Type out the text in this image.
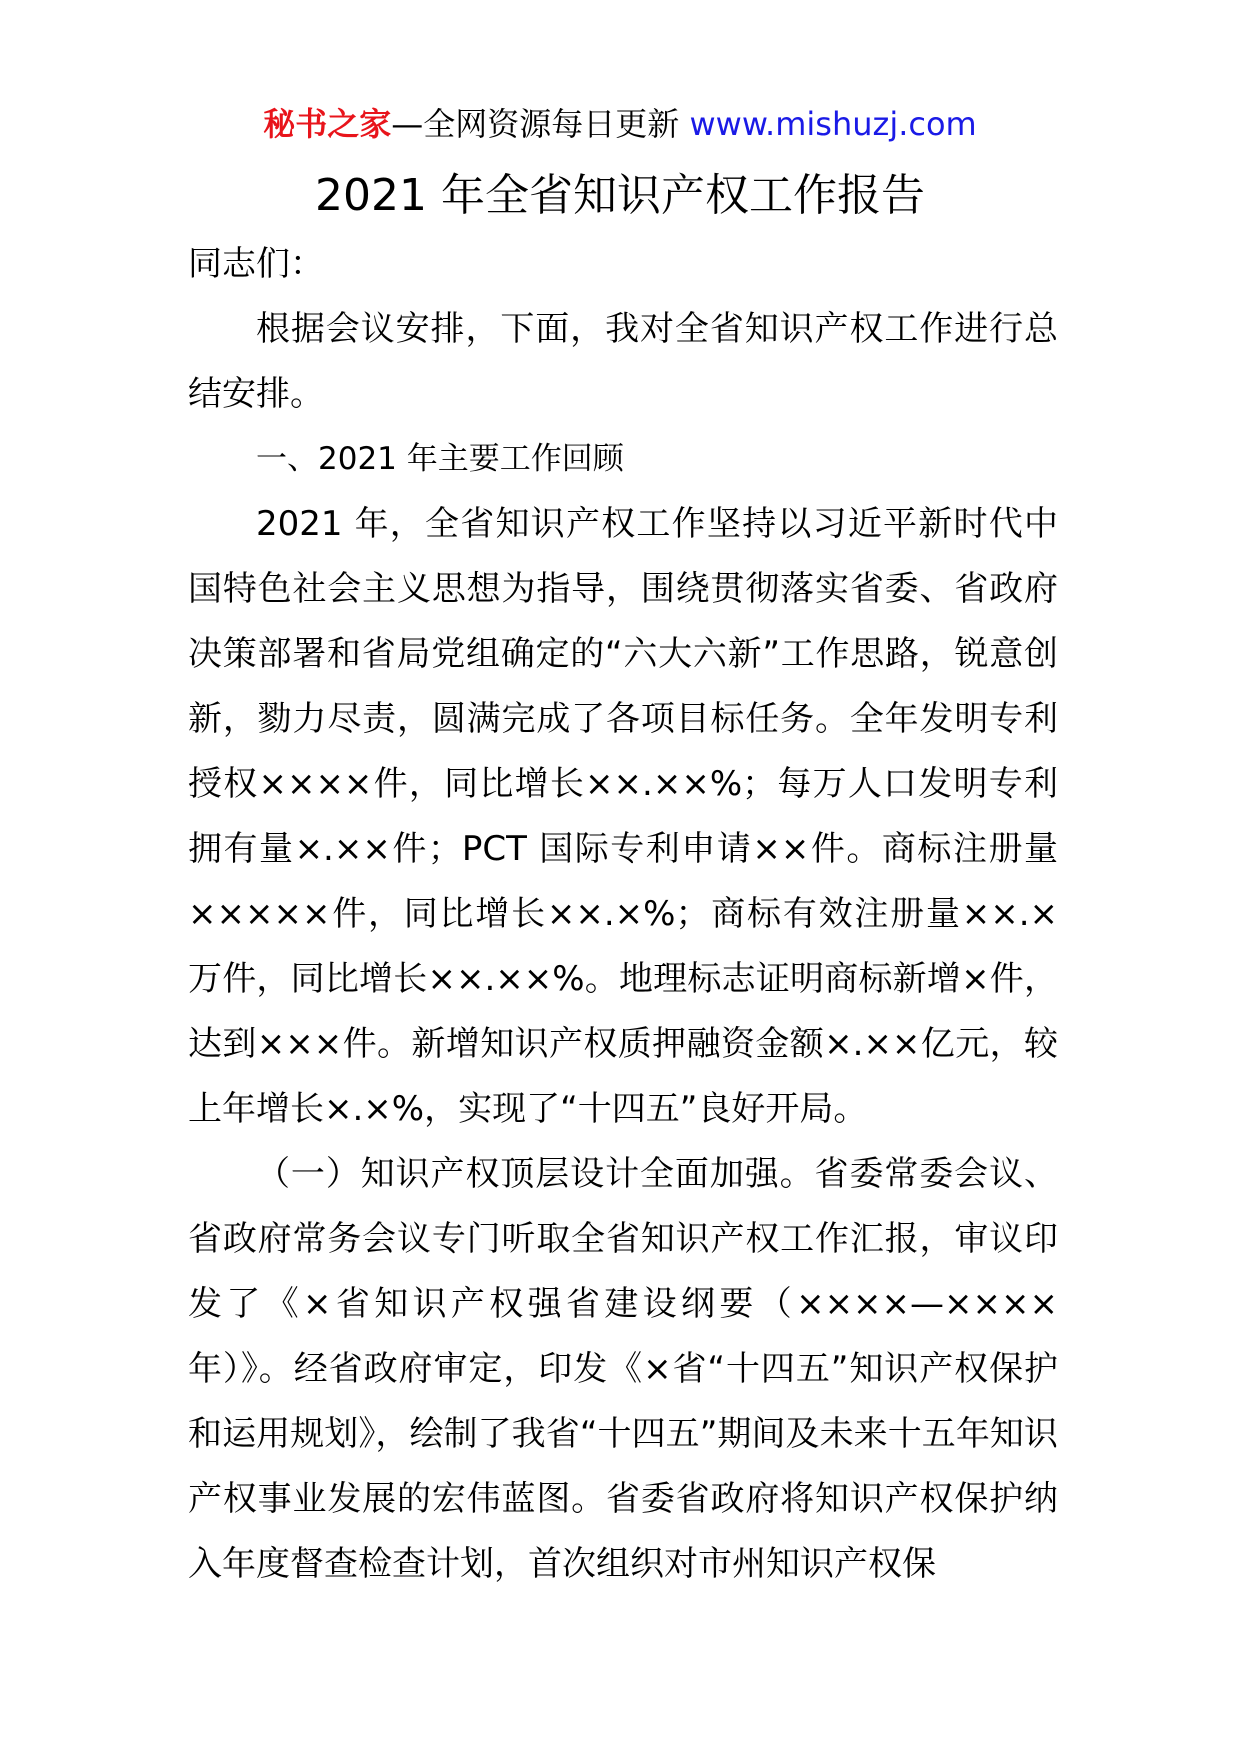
秘书之家—全网资源每日更新 www.mishuzj.com
2021 年全省知识产权工作报告

同志们：

根据会议安排，下面，我对全省知识产权工作进行总结安排。

一、2021 年主要工作回顾

2021 年，全省知识产权工作坚持以习近平新时代中国特色社会主义思想为指导，围绕贯彻落实省委、省政府决策部署和省局党组确定的“六大六新”工作思路，锐意创新，勠力尽责，圆满完成了各项目标任务。全年发明专利授权××××件，同比增长××.××%；每万人口发明专利拥有量×.××件；PCT 国际专利申请××件。商标注册量×××××件，同比增长××.×%；商标有效注册量××.×万件，同比增长××.××%。地理标志证明商标新增×件，达到×××件。新增知识产权质押融资金额×.××亿元，较上年增长×.×%，实现了“十四五”良好开局。

（一）知识产权顶层设计全面加强。省委常委会议、省政府常务会议专门听取全省知识产权工作汇报，审议印发了《×省知识产权强省建设纲要（××××—××××年）》。经省政府审定，印发《×省“十四五”知识产权保护和运用规划》，绘制了我省“十四五”期间及未来十五年知识产权事业发展的宏伟蓝图。省委省政府将知识产权保护纳入年度督查检查计划，首次组织对市州知识产权保
